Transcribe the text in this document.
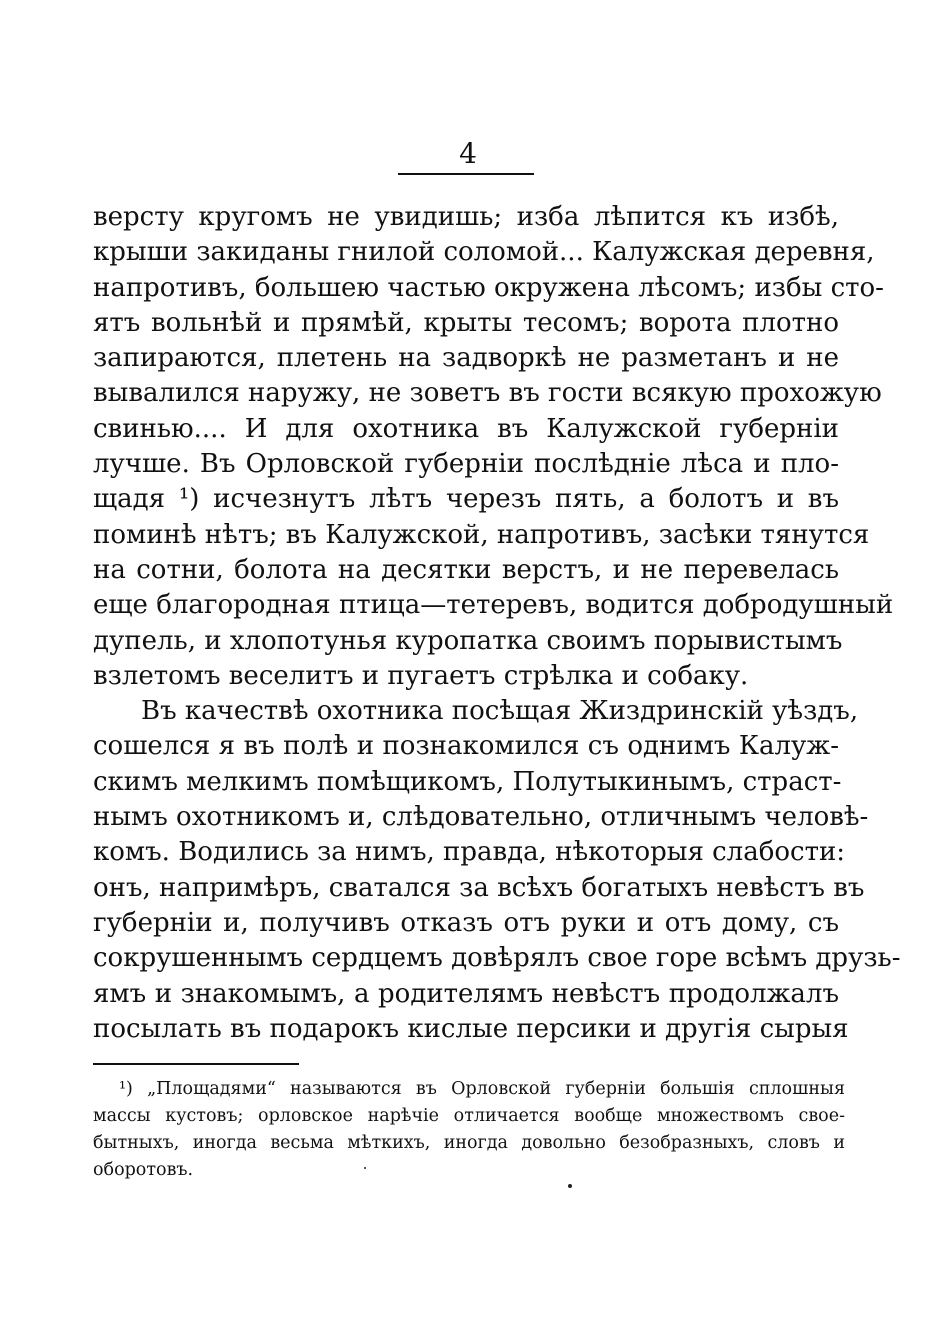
4
версту кругомъ не увидишь; изба лѣпится къ избѣ,
крыши закиданы гнилой соломой... Калужская деревня,
напротивъ, большею частью окружена лѣсомъ; избы сто-
ятъ вольнѣй и прямѣй, крыты тесомъ; ворота плотно
запираются, плетень на задворкѣ не разметанъ и не
вывалился наружу, не зоветъ въ гости всякую прохожую
свинью.... И для охотника въ Калужской губерніи
лучше. Въ Орловской губерніи послѣдніе лѣса и пло-
щадя ¹) исчезнутъ лѣтъ черезъ пять, а болотъ и въ
поминѣ нѣтъ; въ Калужской, напротивъ, засѣки тянутся
на сотни, болота на десятки верстъ, и не перевелась
еще благородная птица—тетеревъ, водится добродушный
дупель, и хлопотунья куропатка своимъ порывистымъ
взлетомъ веселитъ и пугаетъ стрѣлка и собаку.
Въ качествѣ охотника посѣщая Жиздринскій уѣздъ,
сошелся я въ полѣ и познакомился съ однимъ Калуж-
скимъ мелкимъ помѣщикомъ, Полутыкинымъ, страст-
нымъ охотникомъ и, слѣдовательно, отличнымъ человѣ-
комъ. Водились за нимъ, правда, нѣкоторыя слабости:
онъ, напримѣръ, сватался за всѣхъ богатыхъ невѣстъ въ
губерніи и, получивъ отказъ отъ руки и отъ дому, съ
сокрушеннымъ сердцемъ довѣрялъ свое горе всѣмъ друзь-
ямъ и знакомымъ, а родителямъ невѣстъ продолжалъ
посылать въ подарокъ кислые персики и другія сырыя
¹) „Площадями“ называются въ Орловской губерніи большія сплошныя
массы кустовъ; орловское нарѣчіе отличается вообще множествомъ свое-
бытныхъ, иногда весьма мѣткихъ, иногда довольно безобразныхъ, словъ и
оборотовъ.
